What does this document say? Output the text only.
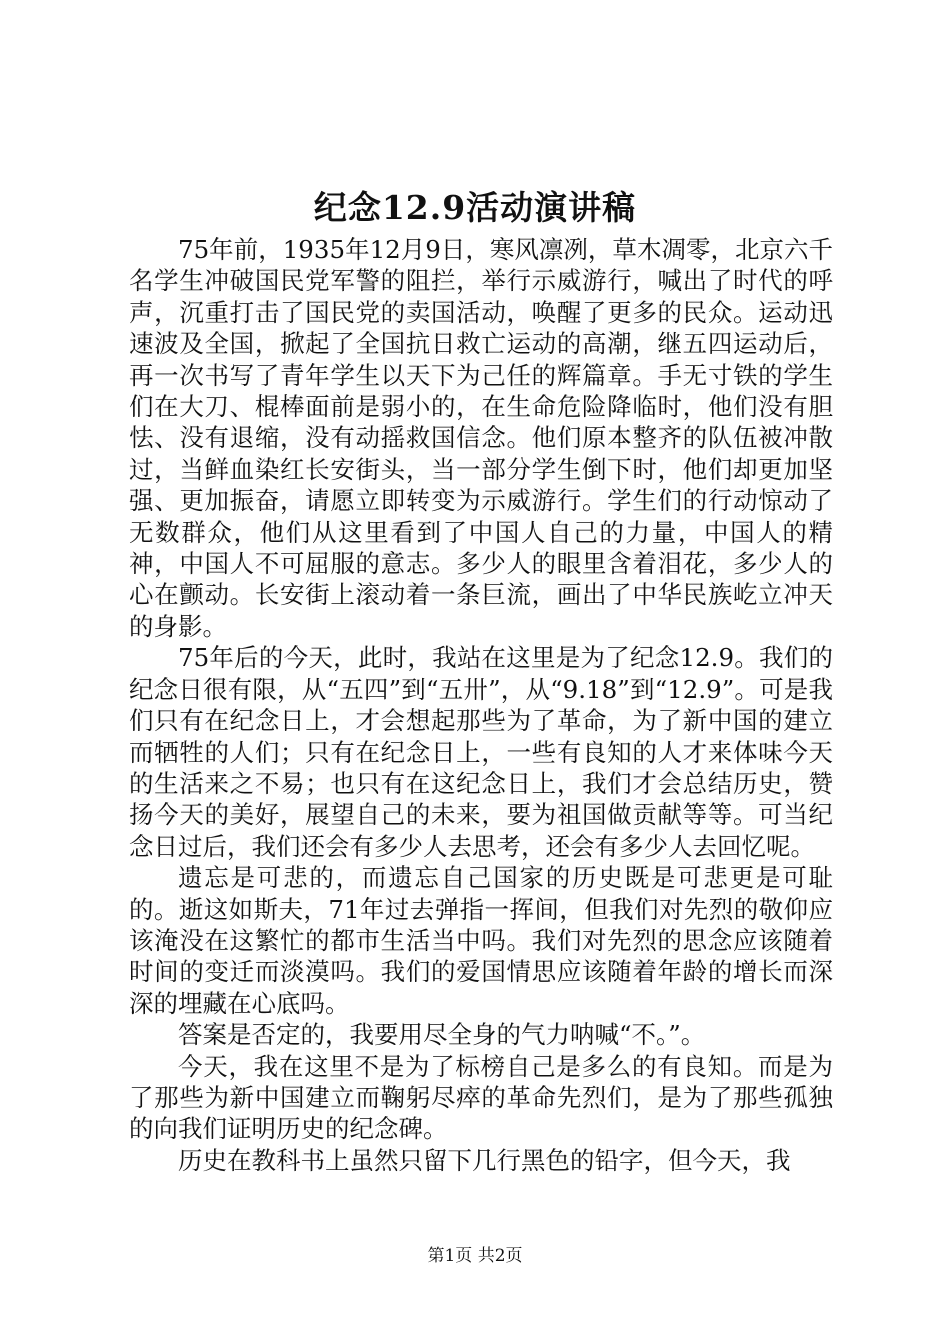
纪念12.9活动演讲稿

75年前，1935年12月9日，寒风凛冽，草木凋零，北京六千名学生冲破国民党军警的阻拦，举行示威游行，喊出了时代的呼声，沉重打击了国民党的卖国活动，唤醒了更多的民众。运动迅速波及全国，掀起了全国抗日救亡运动的高潮，继五四运动后，再一次书写了青年学生以天下为己任的辉篇章。手无寸铁的学生们在大刀、棍棒面前是弱小的，在生命危险降临时，他们没有胆怯、没有退缩，没有动摇救国信念。他们原本整齐的队伍被冲散过，当鲜血染红长安街头，当一部分学生倒下时，他们却更加坚强、更加振奋，请愿立即转变为示威游行。学生们的行动惊动了无数群众，他们从这里看到了中国人自己的力量，中国人的精神，中国人不可屈服的意志。多少人的眼里含着泪花，多少人的心在颤动。长安街上滚动着一条巨流，画出了中华民族屹立冲天的身影。

75年后的今天，此时，我站在这里是为了纪念12.9。我们的纪念日很有限，从“五四”到“五卅”，从“9.18”到“12.9”。可是我们只有在纪念日上，才会想起那些为了革命，为了新中国的建立而牺牲的人们；只有在纪念日上，一些有良知的人才来体味今天的生活来之不易；也只有在这纪念日上，我们才会总结历史，赞扬今天的美好，展望自己的未来，要为祖国做贡献等等。可当纪念日过后，我们还会有多少人去思考，还会有多少人去回忆呢。

遗忘是可悲的，而遗忘自己国家的历史既是可悲更是可耻的。逝这如斯夫，71年过去弹指一挥间，但我们对先烈的敬仰应该淹没在这繁忙的都市生活当中吗。我们对先烈的思念应该随着时间的变迁而淡漠吗。我们的爱国情思应该随着年龄的增长而深深的埋藏在心底吗。

答案是否定的，我要用尽全身的气力呐喊“不。”。

今天，我在这里不是为了标榜自己是多么的有良知。而是为了那些为新中国建立而鞠躬尽瘁的革命先烈们，是为了那些孤独的向我们证明历史的纪念碑。

历史在教科书上虽然只留下几行黑色的铅字，但今天，我

第1页 共2页
